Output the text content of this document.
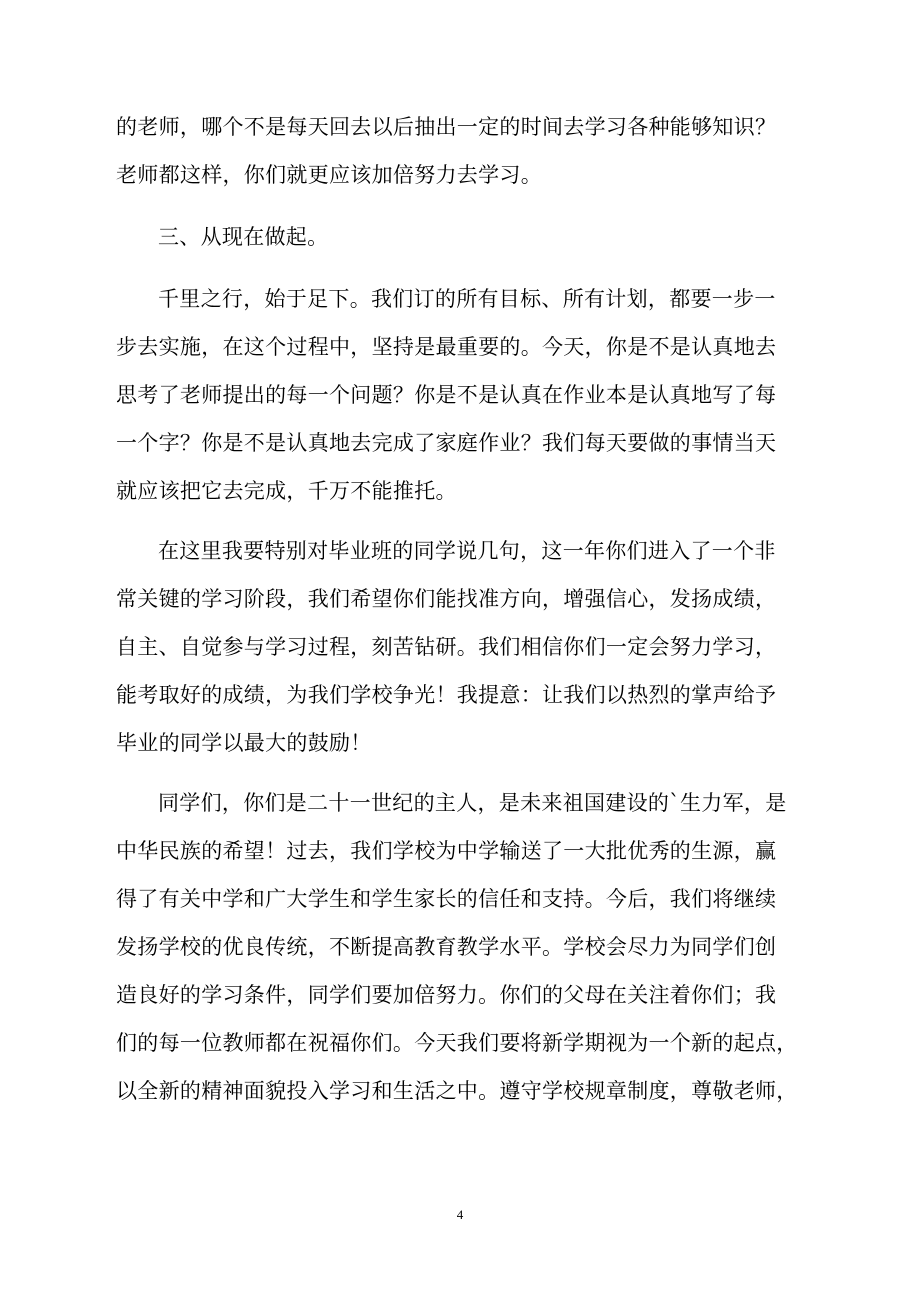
的老师，哪个不是每天回去以后抽出一定的时间去学习各种能够知识？

老师都这样，你们就更应该加倍努力去学习。

三、从现在做起。

千里之行，始于足下。我们订的所有目标、所有计划，都要一步一

步去实施，在这个过程中，坚持是最重要的。今天，你是不是认真地去

思考了老师提出的每一个问题？你是不是认真在作业本是认真地写了每

一个字？你是不是认真地去完成了家庭作业？我们每天要做的事情当天

就应该把它去完成，千万不能推托。

在这里我要特别对毕业班的同学说几句，这一年你们进入了一个非

常关键的学习阶段，我们希望你们能找准方向，增强信心，发扬成绩，

自主、自觉参与学习过程，刻苦钻研。我们相信你们一定会努力学习，

能考取好的成绩，为我们学校争光！我提意：让我们以热烈的掌声给予

毕业的同学以最大的鼓励！

同学们，你们是二十一世纪的主人，是未来祖国建设的`生力军，是

中华民族的希望！过去，我们学校为中学输送了一大批优秀的生源，赢

得了有关中学和广大学生和学生家长的信任和支持。今后，我们将继续

发扬学校的优良传统，不断提高教育教学水平。学校会尽力为同学们创

造良好的学习条件，同学们要加倍努力。你们的父母在关注着你们；我

们的每一位教师都在祝福你们。今天我们要将新学期视为一个新的起点，

以全新的精神面貌投入学习和生活之中。遵守学校规章制度，尊敬老师，

4
